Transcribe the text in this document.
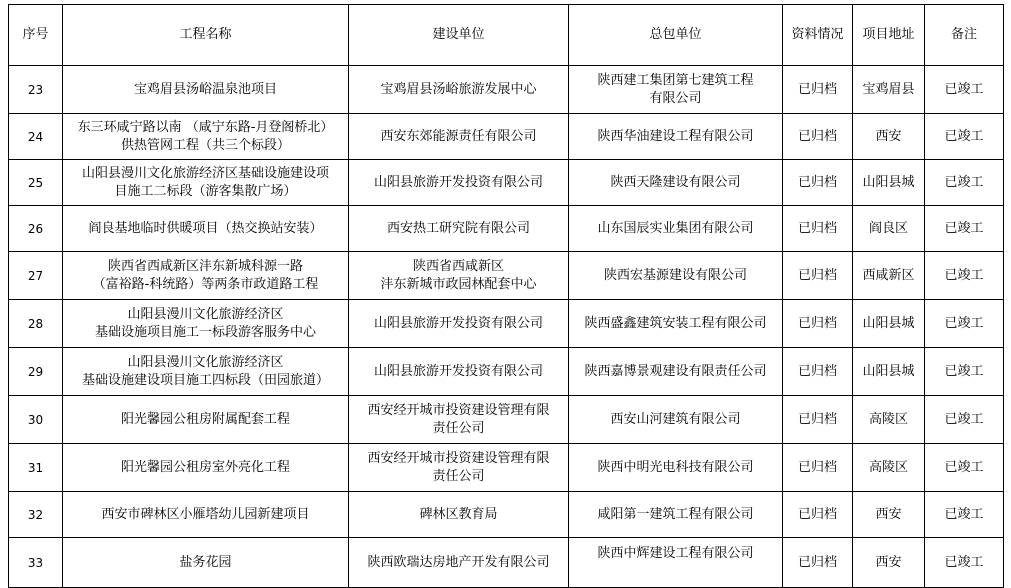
序号	工程名称	建设单位	总包单位	资料情况	项目地址	备注
23	宝鸡眉县汤峪温泉池项目	宝鸡眉县汤峪旅游发展中心	陕西建工集团第七建筑工程
有限公司	已归档	宝鸡眉县	已竣工
24	东三环咸宁路以南 （咸宁东路-月登阁桥北）
供热管网工程（共三个标段）	西安东郊能源责任有限公司	陕西华油建设工程有限公司	已归档	西安	已竣工
25	山阳县漫川文化旅游经济区基础设施建设项
目施工二标段（游客集散广场）	山阳县旅游开发投资有限公司	陕西天隆建设有限公司	已归档	山阳县城	已竣工
26	阎良基地临时供暖项目（热交换站安装）	西安热工研究院有限公司	山东国辰实业集团有限公司	已归档	阎良区	已竣工
27	陕西省西咸新区沣东新城科源一路
（富裕路-科统路）等两条市政道路工程	陕西省西咸新区
沣东新城市政园林配套中心	陕西宏基源建设有限公司	已归档	西咸新区	已竣工
28	山阳县漫川文化旅游经济区
基础设施项目施工一标段游客服务中心	山阳县旅游开发投资有限公司	陕西盛鑫建筑安装工程有限公司	已归档	山阳县城	已竣工
29	山阳县漫川文化旅游经济区
基础设施建设项目施工四标段（田园旅道）	山阳县旅游开发投资有限公司	陕西嘉博景观建设有限责任公司	已归档	山阳县城	已竣工
30	阳光馨园公租房附属配套工程	西安经开城市投资建设管理有限
责任公司	西安山河建筑有限公司	已归档	高陵区	已竣工
31	阳光馨园公租房室外亮化工程	西安经开城市投资建设管理有限
责任公司	陕西中明光电科技有限公司	已归档	高陵区	已竣工
32	西安市碑林区小雁塔幼儿园新建项目	碑林区教育局	咸阳第一建筑工程有限公司	已归档	西安	已竣工
33	盐务花园	陕西欧瑞达房地产开发有限公司	陕西中辉建设工程有限公司	已归档	西安	已竣工
